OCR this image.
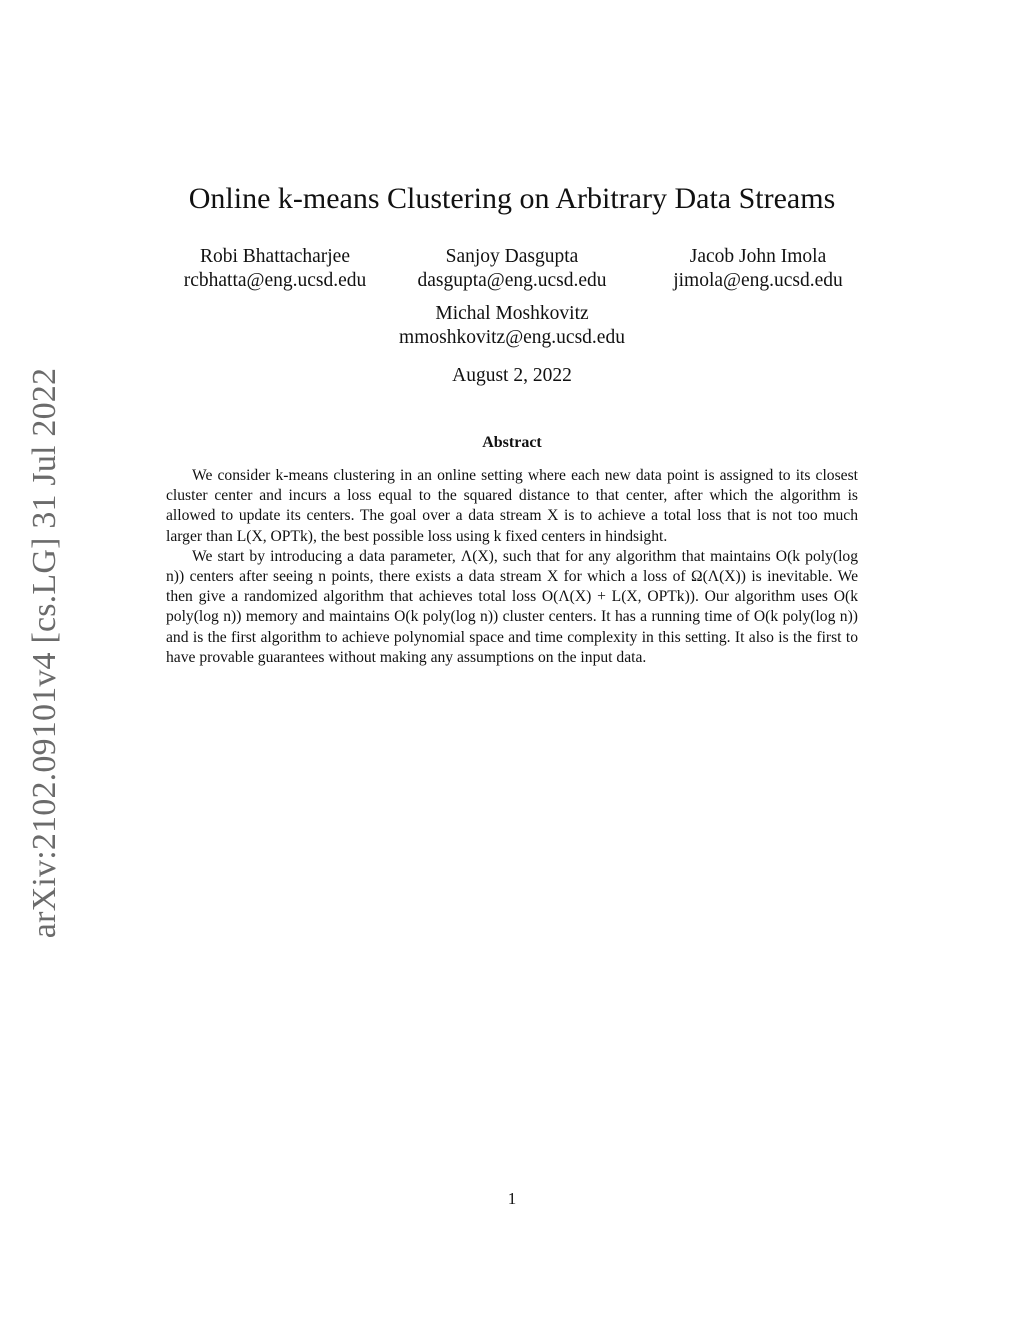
arXiv:2102.09101v4 [cs.LG] 31 Jul 2022
Online k-means Clustering on Arbitrary Data Streams
Robi Bhattacharjee
rcbhatta@eng.ucsd.edu
Sanjoy Dasgupta
dasgupta@eng.ucsd.edu
Jacob John Imola
jimola@eng.ucsd.edu
Michal Moshkovitz
mmoshkovitz@eng.ucsd.edu
August 2, 2022
Abstract

We consider k-means clustering in an online setting where each new data point is assigned to its closest cluster center and incurs a loss equal to the squared distance to that center, after which the algorithm is allowed to update its centers. The goal over a data stream X is to achieve a total loss that is not too much larger than L(X, OPTk), the best possible loss using k fixed centers in hindsight.

We start by introducing a data parameter, Λ(X), such that for any algorithm that maintains O(k poly(log n)) centers after seeing n points, there exists a data stream X for which a loss of Ω(Λ(X)) is inevitable. We then give a randomized algorithm that achieves total loss O(Λ(X) + L(X, OPTk)). Our algorithm uses O(k poly(log n)) memory and maintains O(k poly(log n)) cluster centers. It has a running time of O(k poly(log n)) and is the first algorithm to achieve polynomial space and time complexity in this setting. It also is the first to have provable guarantees without making any assumptions on the input data.

1
